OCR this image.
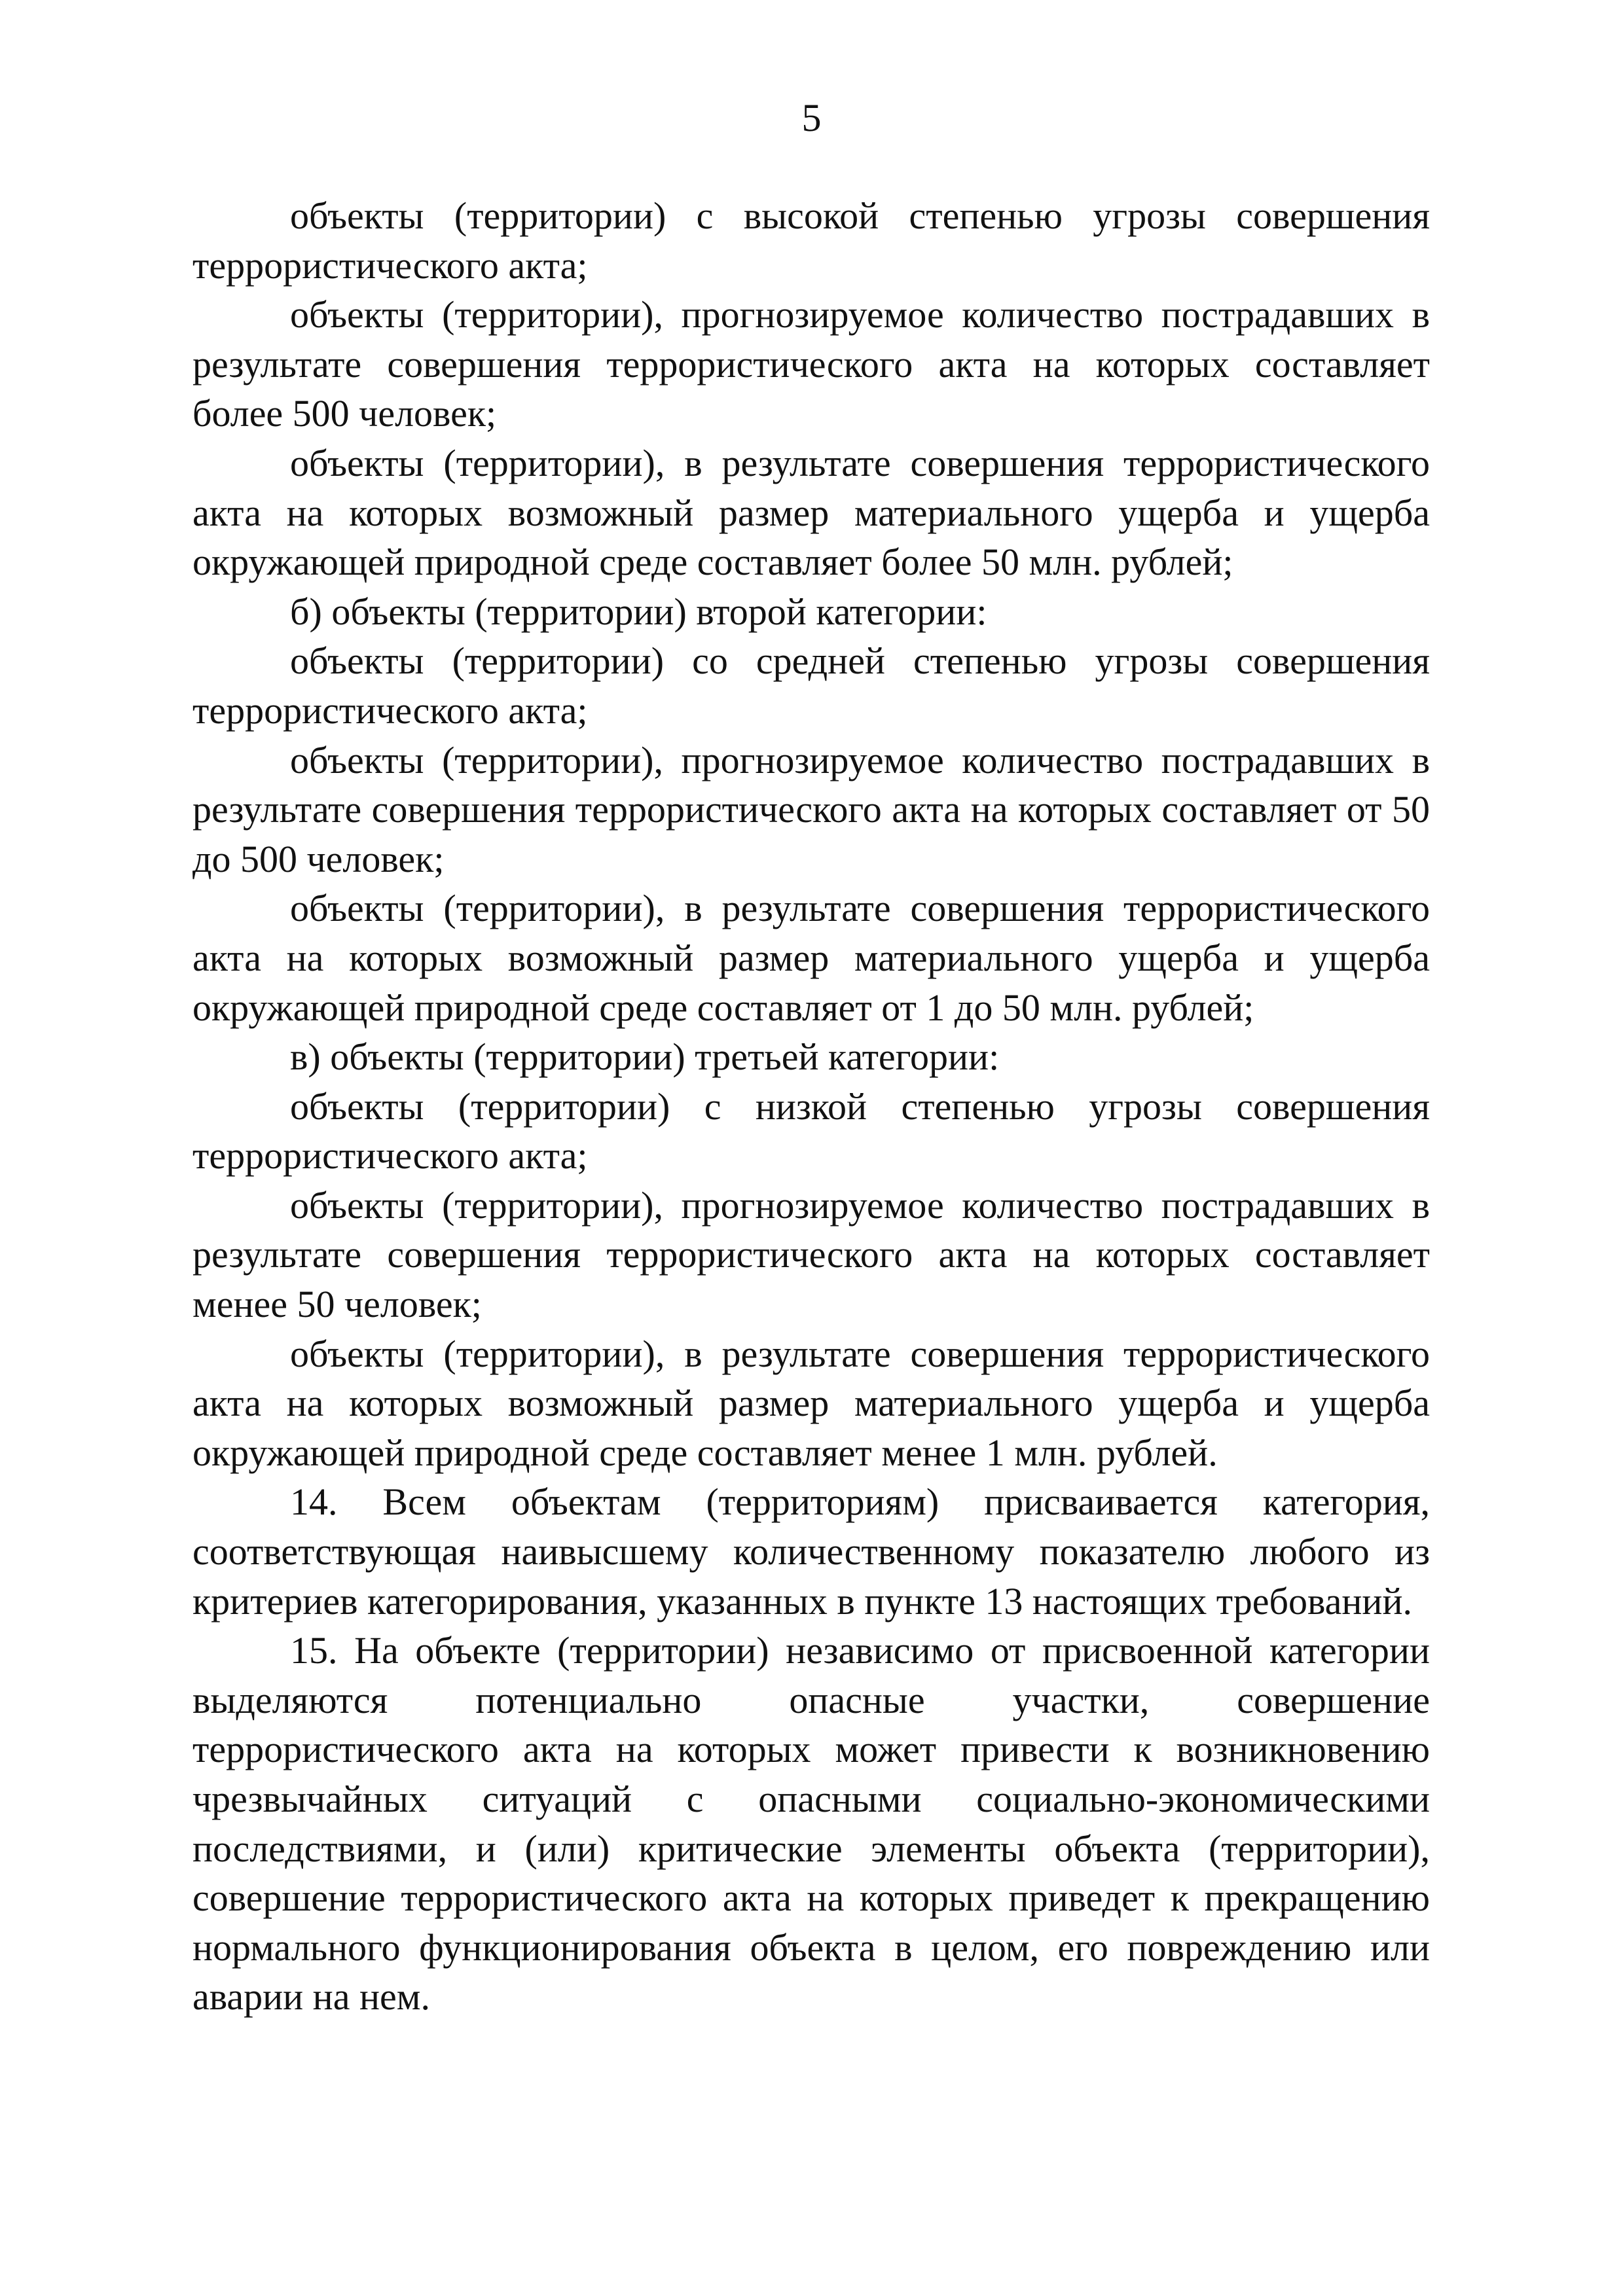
5

объекты (территории) с высокой степенью угрозы совершения террористического акта;

объекты (территории), прогнозируемое количество пострадавших в результате совершения террористического акта на которых составляет более 500 человек;

объекты (территории), в результате совершения террористического акта на которых возможный размер материального ущерба и ущерба окружающей природной среде составляет более 50 млн. рублей;

б) объекты (территории) второй категории:

объекты (территории) со средней степенью угрозы совершения террористического акта;

объекты (территории), прогнозируемое количество пострадавших в результате совершения террористического акта на которых составляет от 50 до 500 человек;

объекты (территории), в результате совершения террористического акта на которых возможный размер материального ущерба и ущерба окружающей природной среде составляет от 1 до 50 млн. рублей;

в) объекты (территории) третьей категории:

объекты (территории) с низкой степенью угрозы совершения террористического акта;

объекты (территории), прогнозируемое количество пострадавших в результате совершения террористического акта на которых составляет менее 50 человек;

объекты (территории), в результате совершения террористического акта на которых возможный размер материального ущерба и ущерба окружающей природной среде составляет менее 1 млн. рублей.

14. Всем объектам (территориям) присваивается категория, соответствующая наивысшему количественному показателю любого из критериев категорирования, указанных в пункте 13 настоящих требований.

15. На объекте (территории) независимо от присвоенной категории выделяются потенциально опасные участки, совершение террористического акта на которых может привести к возникновению чрезвычайных ситуаций с опасными социально-экономическими последствиями, и (или) критические элементы объекта (территории), совершение террористического акта на которых приведет к прекращению нормального функционирования объекта в целом, его повреждению или аварии на нем.
